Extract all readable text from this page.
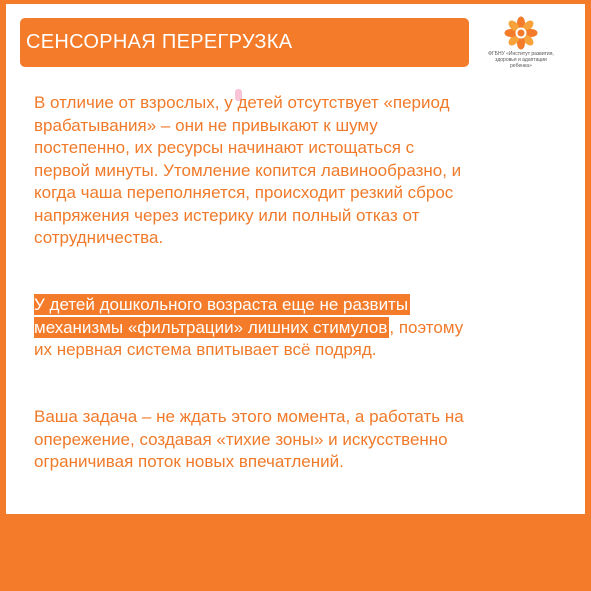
СЕНСОРНАЯ ПЕРЕГРУЗКА
ФГБНУ «Институт развития,
здоровья и адаптации
ребенка»

В отличие от взрослых, у детей отсутствует «период врабатывания» – они не привыкают к шуму постепенно, их ресурсы начинают истощаться с первой минуты. Утомление копится лавинообразно, и когда чаша переполняется, происходит резкий сброс напряжения через истерику или полный отказ от сотрудничества.

У детей дошкольного возраста еще не развиты механизмы «фильтрации» лишних стимулов , поэтому их нервная система впитывает всё подряд.

Ваша задача – не ждать этого момента, а работать на опережение, создавая «тихие зоны» и искусственно ограничивая поток новых впечатлений.
